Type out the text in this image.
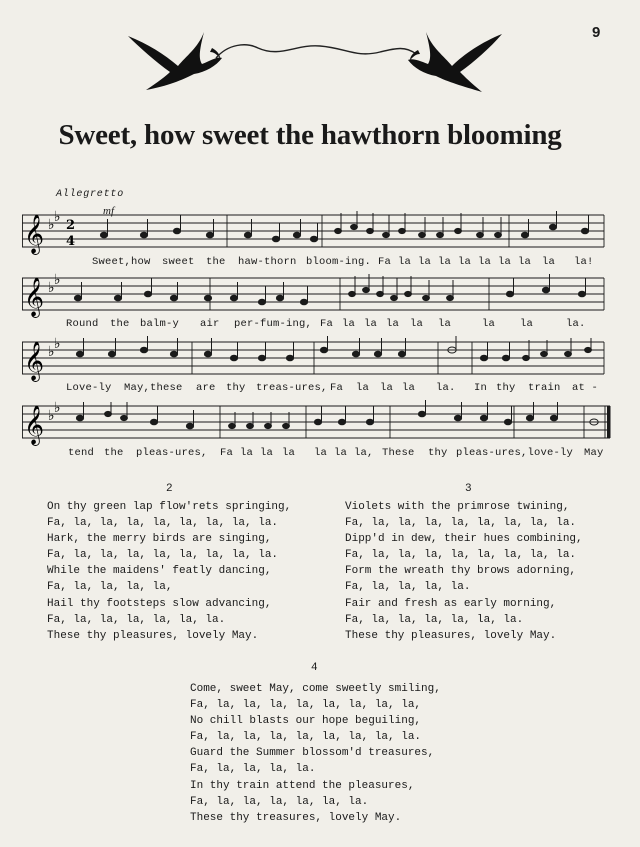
9
Sweet, how sweet the hawthorn blooming
Allegretto
mf
𝄞 ♭ ♭
2
4
Sweet,how sweet the haw-thorn bloom-ing. Fa la la la la la la la la la!
𝄞 ♭ ♭
Round the balm-y air per-fum-ing, Fa la la la la la	la la	la.
𝄞 ♭ ♭
Love-ly May,these are thy treas-ures, Fa la la la la. In thy train at -
𝄞 ♭ ♭
tend the pleas-ures, Fa la la la la la la, These thy pleas-ures,love-ly May
2
On thy green lap flow'rets springing,
Fa, la, la, la, la, la, la, la, la.
Hark, the merry birds are singing,
Fa, la, la, la, la, la, la, la, la.
While the maidens' featly dancing,
Fa, la, la, la, la,
Hail thy footsteps slow advancing,
Fa, la, la, la, la, la, la.
These thy pleasures, lovely May.
3
Violets with the primrose twining,
Fa, la, la, la, la, la, la, la, la.
Dipp'd in dew, their hues combining,
Fa, la, la, la, la, la, la, la, la.
Form the wreath thy brows adorning,
Fa, la, la, la, la.
Fair and fresh as early morning,
Fa, la, la, la, la, la, la.
These thy pleasures, lovely May.
4
Come, sweet May, come sweetly smiling,
Fa, la, la, la, la, la, la, la, la,
No chill blasts our hope beguiling,
Fa, la, la, la, la, la, la, la, la.
Guard the Summer blossom'd treasures,
Fa, la, la, la, la.
In thy train attend the pleasures,
Fa, la, la, la, la, la, la.
These thy treasures, lovely May.
